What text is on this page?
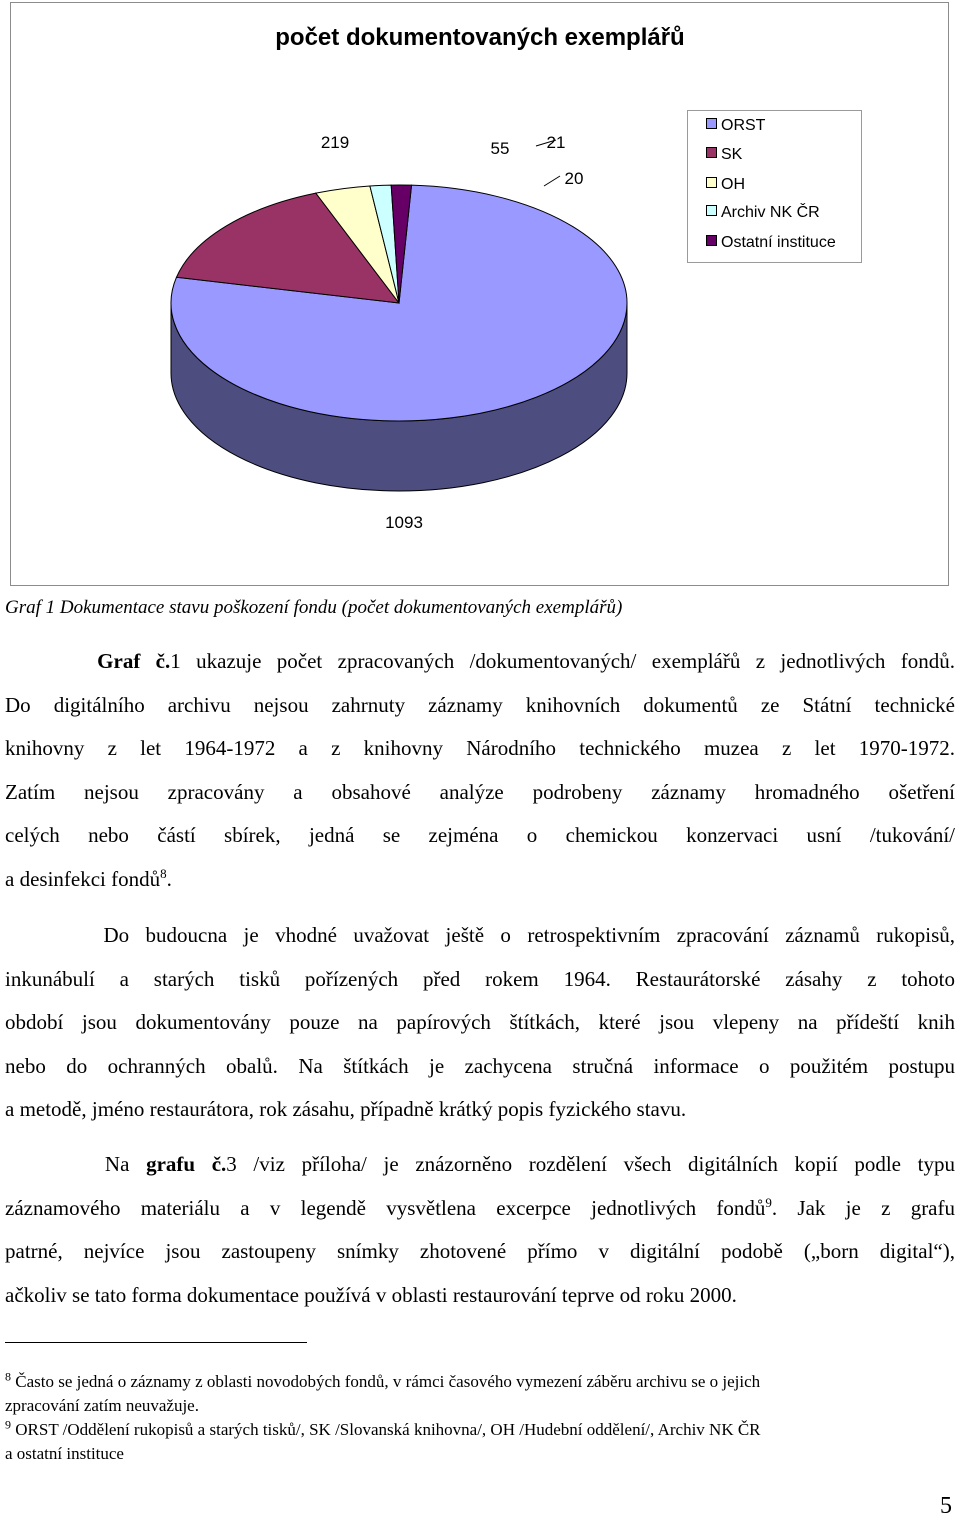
počet dokumentovaných exemplářů
1093
219	55 21
20
ORST
SK
OH
Archiv NK ČR
Ostatní instituce
Graf 1 Dokumentace stavu poškození fondu (počet dokumentovaných exemplářů)
Graf č.1 ukazuje počet zpracovaných /dokumentovaných/ exemplářů z jednotlivých fondů.
Do digitálního archivu nejsou zahrnuty záznamy knihovních dokumentů ze Státní technické
knihovny z let 1964-1972 a z knihovny Národního technického muzea z let 1970-1972.
Zatím nejsou zpracovány a obsahové analýze podrobeny záznamy hromadného ošetření
celých nebo částí sbírek, jedná se zejména o chemickou konzervaci usní /tukování/
a desinfekci fondů$^8$.
Do budoucna je vhodné uvažovat ještě o retrospektivním zpracování záznamů rukopisů,
inkunábulí a starých tisků pořízených před rokem 1964. Restaurátorské zásahy z tohoto
období jsou dokumentovány pouze na papírových štítkách, které jsou vlepeny na přídeští knih
nebo do ochranných obalů. Na štítkách je zachycena stručná informace o použitém postupu
a metodě, jméno restaurátora, rok zásahu, případně krátký popis fyzického stavu.
Na grafu č.3 /viz příloha/ je znázorněno rozdělení všech digitálních kopií podle typu
záznamového materiálu a v legendě vysvětlena excerpce jednotlivých fondů$^9$. Jak je z grafu
patrné, nejvíce jsou zastoupeny snímky zhotovené přímo v digitální podobě („born digital“),
ačkoliv se tato forma dokumentace používá v oblasti restaurování teprve od roku 2000.
$^8$ Často se jedná o záznamy z oblasti novodobých fondů, v rámci časového vymezení záběru archivu se o jejich
zpracování zatím neuvažuje.
$^9$ ORST /Oddělení rukopisů a starých tisků/, SK /Slovanská knihovna/, OH /Hudební oddělení/, Archiv NK ČR
a ostatní instituce
5
